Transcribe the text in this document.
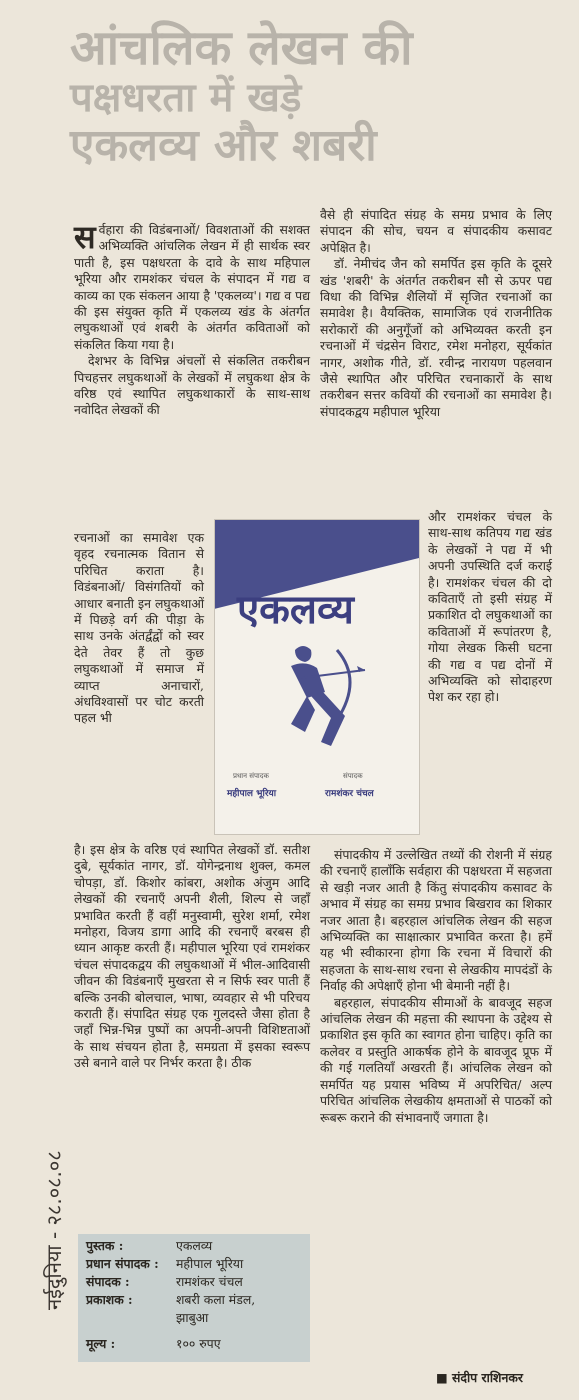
आंचलिक लेखन की
पक्षधरता में खड़े
एकलव्य और शबरी
नईदुनिया - २८.०८.०८
सर्वहारा की विडंबनाओं/ विवशताओं की सशक्त अभिव्यक्ति आंचलिक लेखन में ही सार्थक स्वर पाती है, इस पक्षधरता के दावे के साथ महिपाल भूरिया और रामशंकर चंचल के संपादन में गद्य व काव्य का एक संकलन आया है 'एकलव्य'। गद्य व पद्य की इस संयुक्त कृति में एकलव्य खंड के अंतर्गत लघुकथाओं एवं शबरी के अंतर्गत कविताओं को संकलित किया गया है।

देशभर के विभिन्न अंचलों से संकलित तकरीबन पिचहत्तर लघुकथाओं के लेखकों में लघुकथा क्षेत्र के वरिष्ठ एवं स्थापित लघुकथाकारों के साथ-साथ नवोदित लेखकों की

रचनाओं का समावेश एक वृहद रचनात्मक वितान से परिचित कराता है। विडंबनाओं/ विसंगतियों को आधार बनाती इन लघुकथाओं में पिछड़े वर्ग की पीड़ा के साथ उनके अंतर्द्वंद्वों को स्वर देते तेवर हैं तो कुछ लघुकथाओं में समाज में व्याप्त अनाचारों, अंधविश्वासों पर चोट करती पहल भी
एकलव्य
प्रधान संपादक
महीपाल भूरिया
संपादक
रामशंकर चंचल

वैसे ही संपादित संग्रह के समग्र प्रभाव के लिए संपादन की सोच, चयन व संपादकीय कसावट अपेक्षित है।

डॉ. नेमीचंद जैन को समर्पित इस कृति के दूसरे खंड 'शबरी' के अंतर्गत तकरीबन सौ से ऊपर पद्य विधा की विभिन्न शैलियों में सृजित रचनाओं का समावेश है। वैयक्तिक, सामाजिक एवं राजनीतिक सरोकारों की अनुगूँजों को अभिव्यक्त करती इन रचनाओं में चंद्रसेन विराट, रमेश मनोहरा, सूर्यकांत नागर, अशोक गीते, डॉ. रवीन्द्र नारायण पहलवान जैसे स्थापित और परिचित रचनाकारों के साथ तकरीबन सत्तर कवियों की रचनाओं का समावेश है। संपादकद्वय महीपाल भूरिया

और रामशंकर चंचल के साथ-साथ कतिपय गद्य खंड के लेखकों ने पद्य में भी अपनी उपस्थिति दर्ज कराई है। रामशंकर चंचल की दो कविताएँ तो इसी संग्रह में प्रकाशित दो लघुकथाओं का कविताओं में रूपांतरण है, गोया लेखक किसी घटना की गद्य व पद्य दोनों में अभिव्यक्ति को सोदाहरण पेश कर रहा हो।

है। इस क्षेत्र के वरिष्ठ एवं स्थापित लेखकों डॉ. सतीश दुबे, सूर्यकांत नागर, डॉ. योगेन्द्रनाथ शुक्ल, कमल चोपड़ा, डॉ. किशोर कांबरा, अशोक अंजुम आदि लेखकों की रचनाएँ अपनी शैली, शिल्प से जहाँ प्रभावित करती हैं वहीं मनुस्वामी, सुरेश शर्मा, रमेश मनोहरा, विजय डागा आदि की रचनाएँ बरबस ही ध्यान आकृष्ट करती हैं। महीपाल भूरिया एवं रामशंकर चंचल संपादकद्वय की लघुकथाओं में भील-आदिवासी जीवन की विडंबनाएँ मुखरता से न सिर्फ स्वर पाती हैं बल्कि उनकी बोलचाल, भाषा, व्यवहार से भी परिचय कराती हैं। संपादित संग्रह एक गुलदस्ते जैसा होता है जहाँ भिन्न-भिन्न पुष्पों का अपनी-अपनी विशिष्टताओं के साथ संचयन होता है, समग्रता में इसका स्वरूप उसे बनाने वाले पर निर्भर करता है। ठीक

संपादकीय में उल्लेखित तथ्यों की रोशनी में संग्रह की रचनाएँ हालाँकि सर्वहारा की पक्षधरता में सहजता से खड़ी नजर आती है किंतु संपादकीय कसावट के अभाव में संग्रह का समग्र प्रभाव बिखराव का शिकार नजर आता है। बहरहाल आंचलिक लेखन की सहज अभिव्यक्ति का साक्षात्कार प्रभावित करता है। हमें यह भी स्वीकारना होगा कि रचना में विचारों की सहजता के साथ-साथ रचना से लेखकीय मापदंडों के निर्वाह की अपेक्षाएँ होना भी बेमानी नहीं है।

बहरहाल, संपादकीय सीमाओं के बावजूद सहज आंचलिक लेखन की महत्ता की स्थापना के उद्देश्य से प्रकाशित इस कृति का स्वागत होना चाहिए। कृति का कलेवर व प्रस्तुति आकर्षक होने के बावजूद प्रूफ में की गई गलतियाँ अखरती हैं। आंचलिक लेखन को समर्पित यह प्रयास भविष्य में अपरिचित/ अल्प परिचित आंचलिक लेखकीय क्षमताओं से पाठकों को रूबरू कराने की संभावनाएँ जगाता है।

पुस्तक :	एकलव्य
प्रधान संपादक : महीपाल भूरिया
संपादक :	रामशंकर चंचल
प्रकाशक :	शबरी कला मंडल,
झाबुआ
मूल्य :	१०० रुपए
■ संदीप राशिनकर
